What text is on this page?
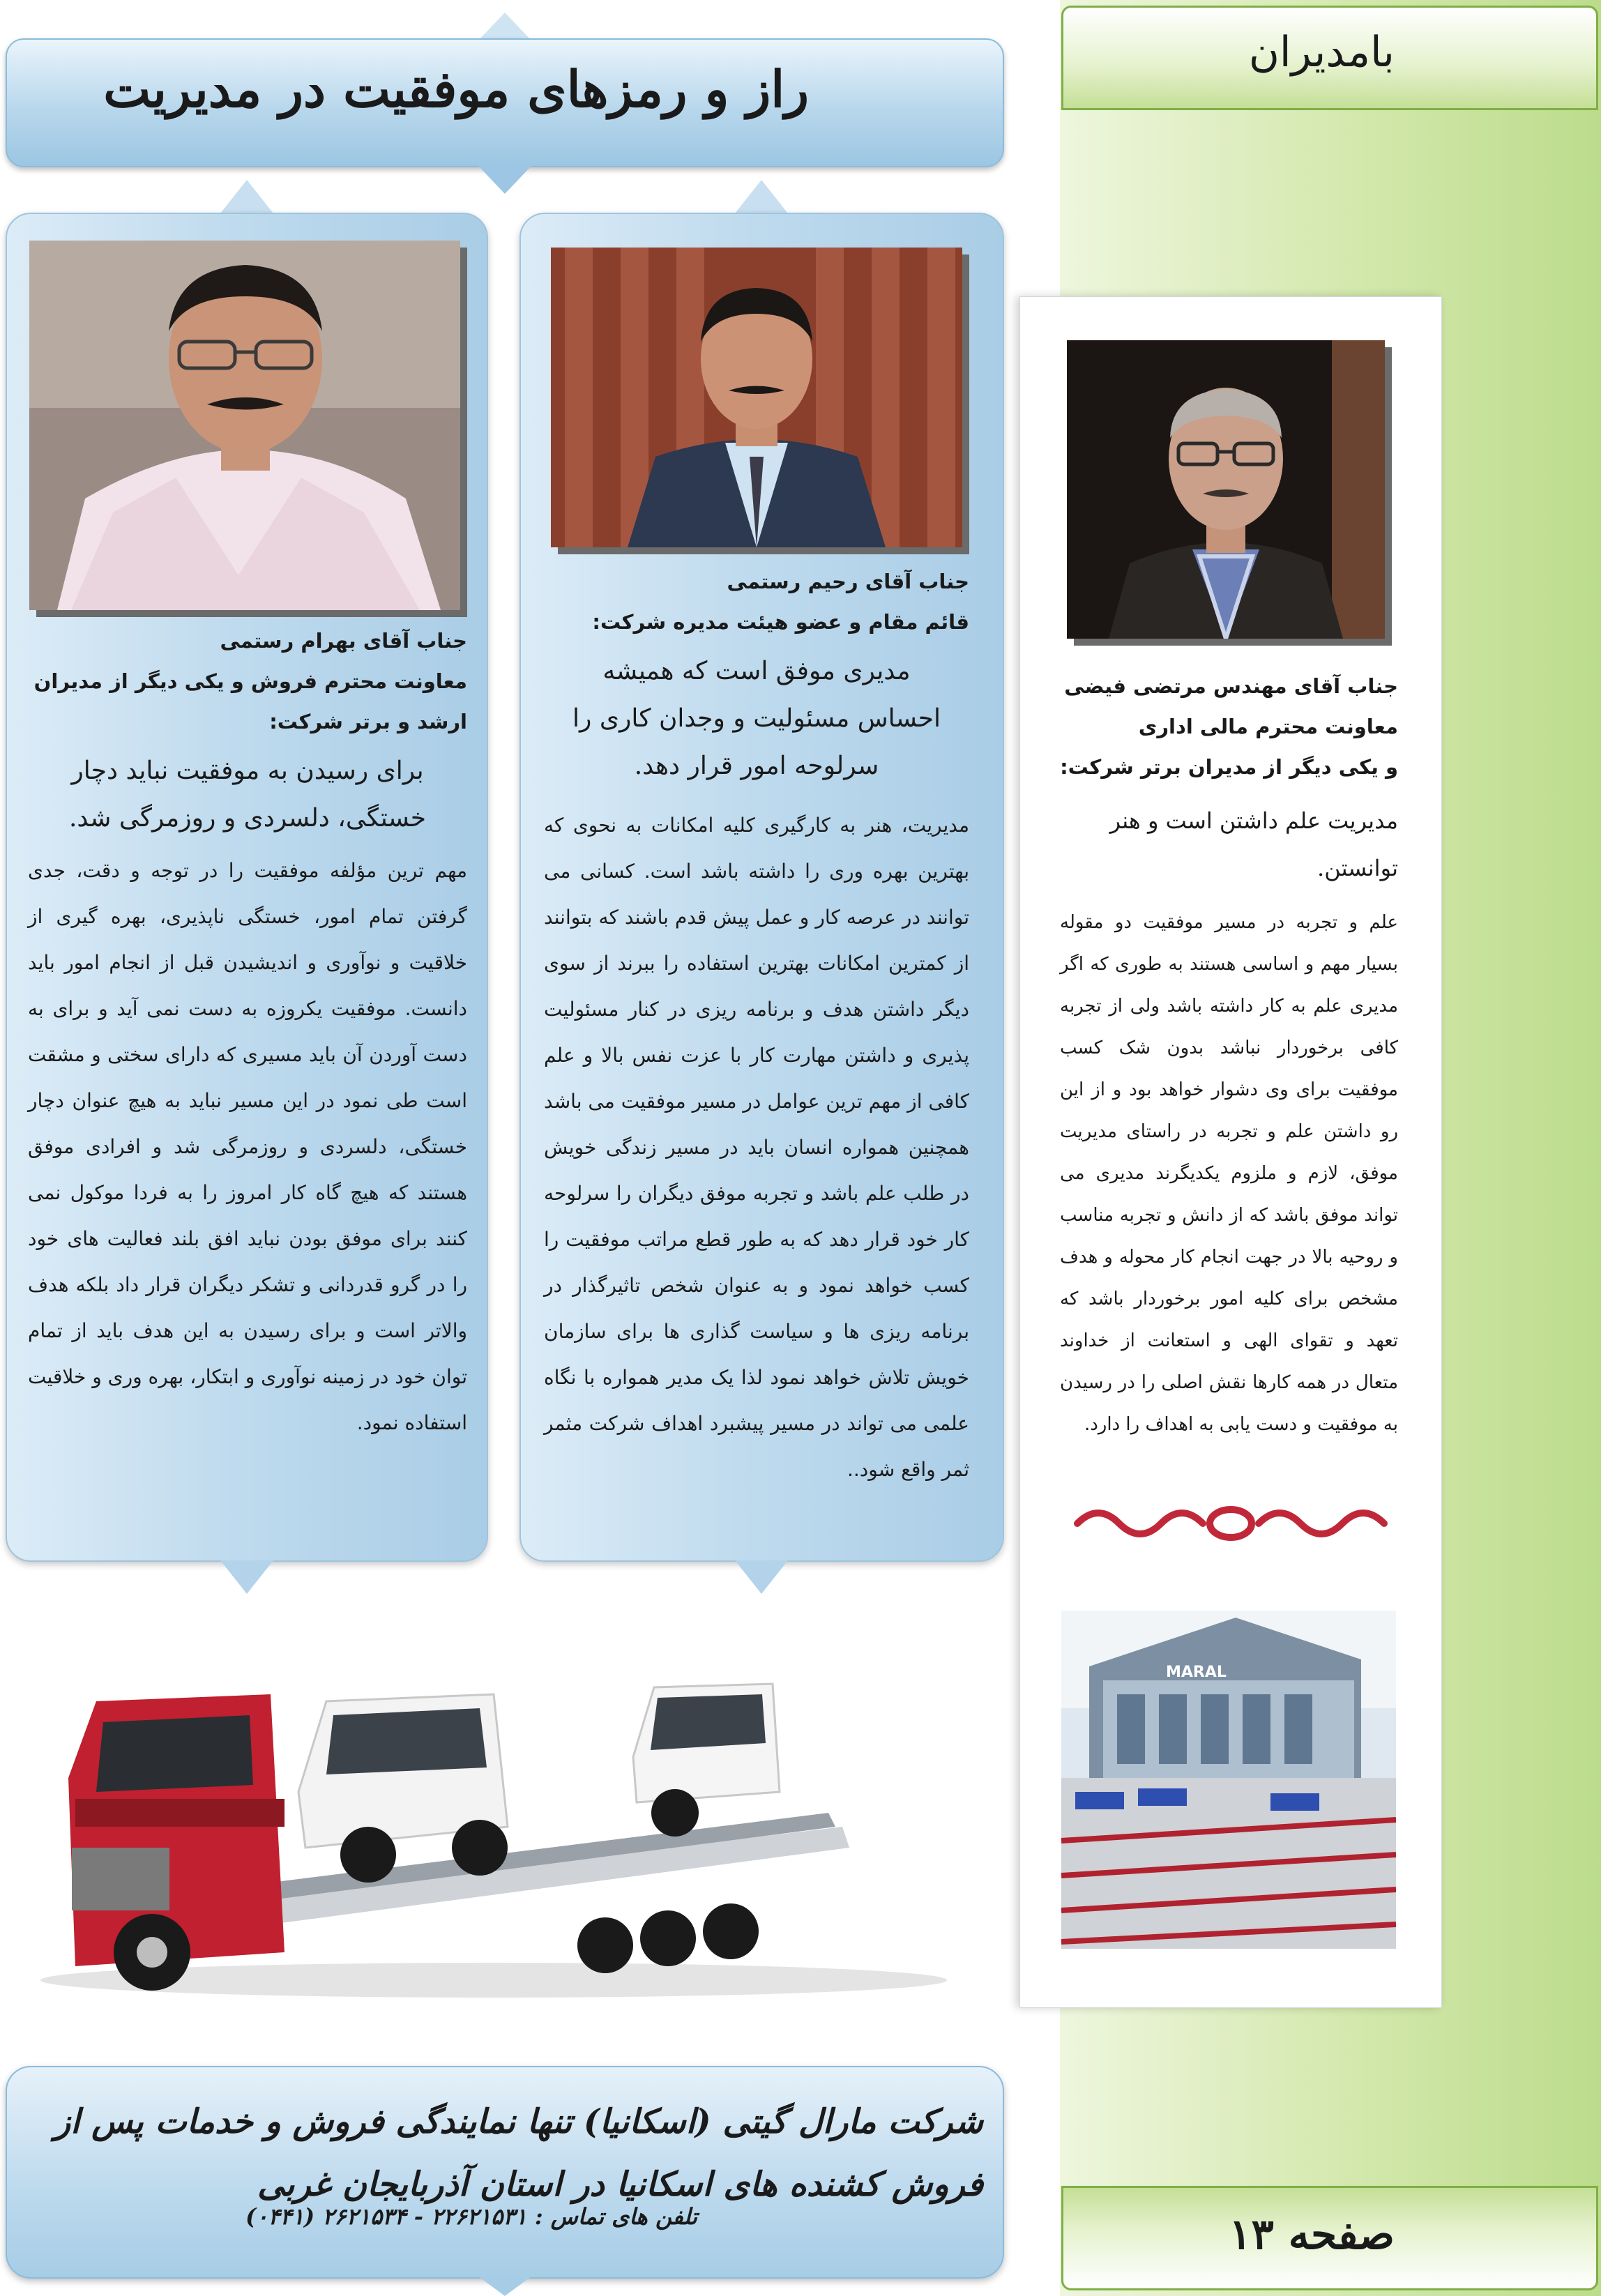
بامدیران
صفحه ۱۳
راز و رمزهای موفقیت در مدیریت
جناب آقای بهرام رستمی
معاونت محترم فروش و یکی دیگر از مدیران
ارشد و برتر شرکت:
برای رسیدن به موفقیت نباید دچار خستگی، دلسردی و روزمرگی شد.
مهم ترین مؤلفه موفقیت را در توجه و دقت، جدی گرفتن تمام امور، خستگی ناپذیری، بهره گیری از خلاقیت و نوآوری و اندیشیدن قبل از انجام امور باید دانست. موفقیت یکروزه به دست نمی آید و برای به دست آوردن آن باید مسیری که دارای سختی و مشقت است طی نمود در این مسیر نباید به هیچ عنوان دچار خستگی، دلسردی و روزمرگی شد و افرادی موفق هستند که هیچ گاه کار امروز را به فردا موکول نمی کنند برای موفق بودن نباید افق بلند فعالیت های خود را در گرو قدردانی و تشکر دیگران قرار داد بلکه هدف والاتر است و برای رسیدن به این هدف باید از تمام توان خود در زمینه نوآوری و ابتکار، بهره وری و خلاقیت استفاده نمود.
جناب آقای رحیم رستمی
قائم مقام و عضو هیئت مدیره شرکت:
مدیری موفق است که همیشه احساس مسئولیت و وجدان کاری را سرلوحه امور قرار دهد.
مدیریت، هنر به کارگیری کلیه امکانات به نحوی که بهترین بهره وری را داشته باشد است. کسانی می توانند در عرصه کار و عمل پیش قدم باشند که بتوانند از کمترین امکانات بهترین استفاده را ببرند از سوی دیگر داشتن هدف و برنامه ریزی در کنار مسئولیت پذیری و داشتن مهارت کار با عزت نفس بالا و علم کافی از مهم ترین عوامل در مسیر موفقیت می باشد همچنین همواره انسان باید در مسیر زندگی خویش در طلب علم باشد و تجربه موفق دیگران را سرلوحه کار خود قرار دهد که به طور قطع مراتب موفقیت را کسب خواهد نمود و به عنوان شخص تاثیرگذار در برنامه ریزی ها و سیاست گذاری ها برای سازمان خویش تلاش خواهد نمود لذا یک مدیر همواره با نگاه علمی می تواند در مسیر پیشبرد اهداف شرکت مثمر ثمر واقع شود..
جناب آقای مهندس مرتضی فیضی
معاونت محترم مالی اداری
و یکی دیگر از مدیران برتر شرکت:
مدیریت علم داشتن است و هنر توانستن.
علم و تجربه در مسیر موفقیت دو مقوله بسیار مهم و اساسی هستند به طوری که اگر مدیری علم به کار داشته باشد ولی از تجربه کافی برخوردار نباشد بدون شک کسب موفقیت برای وی دشوار خواهد بود و از این رو داشتن علم و تجربه در راستای مدیریت موفق، لازم و ملزوم یکدیگرند مدیری می تواند موفق باشد که از دانش و تجربه مناسب و روحیه بالا در جهت انجام کار محوله و هدف مشخص برای کلیه امور برخوردار باشد که تعهد و تقوای الهی و استعانت از خداوند متعال در همه کارها نقش اصلی را در رسیدن به موفقیت و دست یابی به اهداف را دارد.
MARAL
شرکت مارال گیتی (اسکانیا) تنها نمایندگی فروش و خدمات پس از فروش کشنده های اسکانیا در استان آذربایجان غربی
تلفن های تماس : ۲۲۶۲۱۵۳۱ - ۲۶۲۱۵۳۴ (۰۴۴۱)
